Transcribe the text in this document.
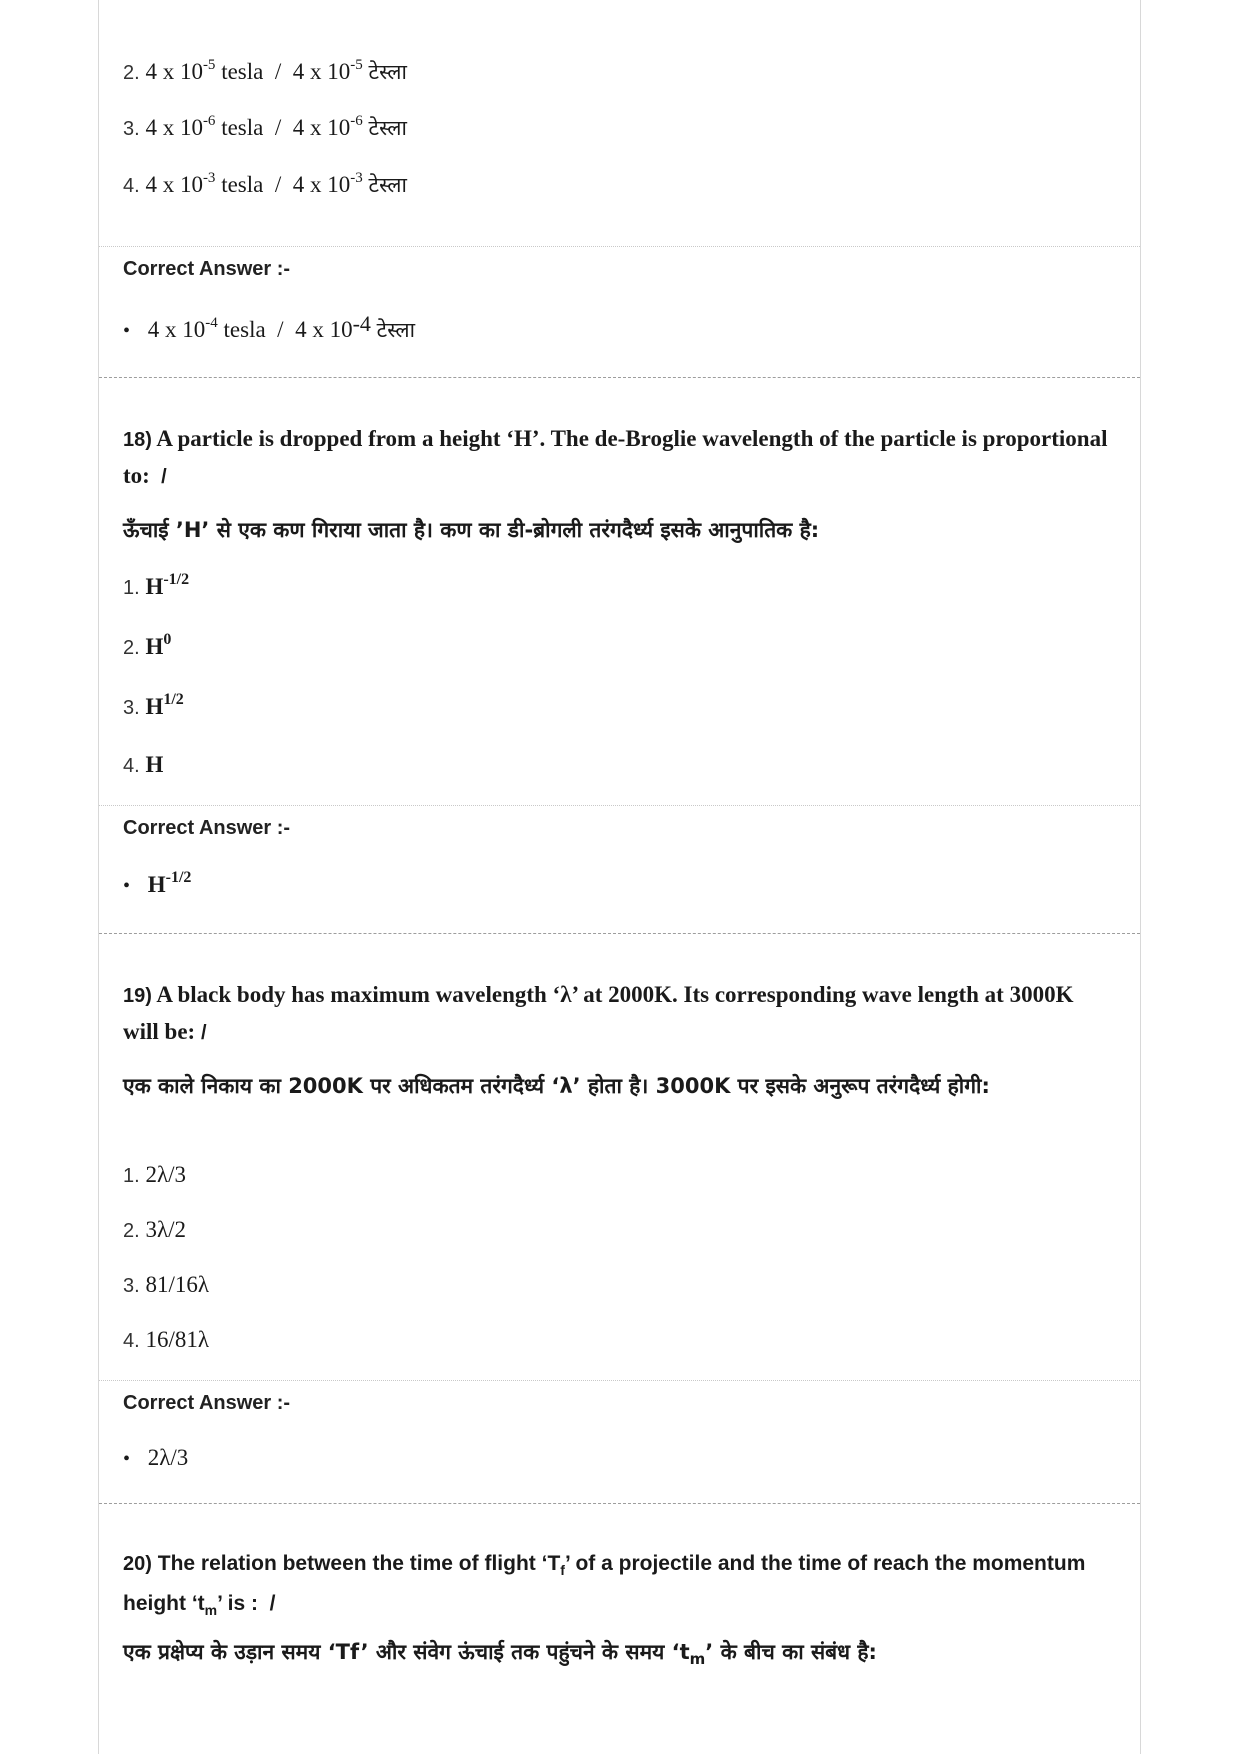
2. 4 x $10^{-5}$ tesla / 4 x $10^{-5}$ टेस्ला
3. 4 x $10^{-6}$ tesla / 4 x $10^{-6}$ टेस्ला
4. 4 x $10^{-3}$ tesla / 4 x $10^{-3}$ टेस्ला
Correct Answer :-
• 4 x $10^{-4}$ tesla / 4 x $10^{-4}$ टेस्ला
18) A particle is dropped from a height ‘H’. The de-Broglie wavelength of the particle is proportional to: /
ऊँचाई ’H’ से एक कण गिराया जाता है। कण का डी-ब्रोगली तरंगदैर्ध्य इसके आनुपातिक है:
1. $H^{-1/2}$
2. $H^0$
3. $H^{1/2}$
4. H
Correct Answer :-
• $H^{-1/2}$
19) A black body has maximum wavelength ‘λ’ at 2000K. Its corresponding wave length at 3000K will be: /
एक काले निकाय का 2000K पर अधिकतम तरंगदैर्ध्य ‘λ’ होता है। 3000K पर इसके अनुरूप तरंगदैर्ध्य होगी:
1. 2λ/3
2. 3λ/2
3. 81/16λ
4. 16/81λ
Correct Answer :-
• 2λ/3
20) The relation between the time of flight ‘$T_f$’ of a projectile and the time of reach the momentum height ‘$t_m$’ is : /
एक प्रक्षेप्य के उड़ान समय ‘Tf’ और संवेग ऊंचाई तक पहुंचने के समय ‘$t_m$’ के बीच का संबंध है:
